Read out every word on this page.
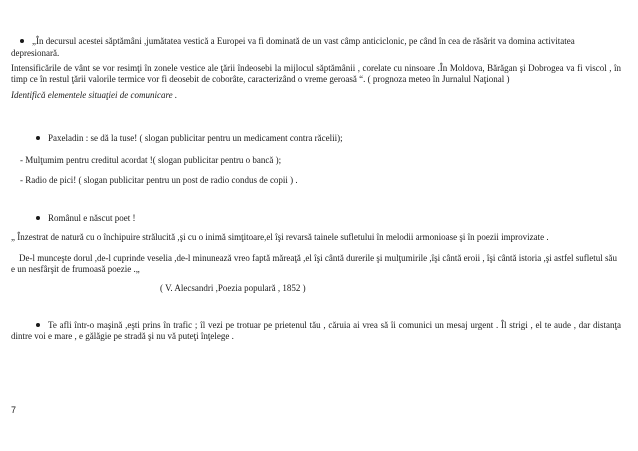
„În decursul acestei săptămâni ,jumătatea vestică a Europei va fi dominată de un vast câmp anticiclonic, pe când în cea de răsărit va domina activitatea

depresionară.

Intensificările de vânt se vor resimţi în zonele vestice ale ţării îndeosebi la mijlocul săptămânii , corelate cu ninsoare .În Moldova, Bărăgan şi Dobrogea va fi viscol , în timp ce în restul ţării valorile termice vor fi deosebit de coborâte, caracterizând o vreme geroasă “. ( prognoza meteo în Jurnalul Naţional )

Identifică elementele situaţiei de comunicare .

Paxeladin : se dă la tuse! ( slogan publicitar pentru un medicament contra răcelii);

- Mulţumim pentru creditul acordat !( slogan publicitar pentru o bancă );

- Radio de pici! ( slogan publicitar pentru un post de radio condus de copii ) .

Românul e născut poet !

„ Înzestrat de natură cu o închipuire strălucită ,şi cu o inimă simţitoare,el îşi revarsă tainele sufletului în melodii armonioase şi în poezii improvizate .

De-l munceşte dorul ,de-l cuprinde veselia ,de-l minunează vreo faptă măreaţă ,el îşi cântă durerile şi mulţumirile ,îşi cântă eroii , îşi cântă istoria ,şi astfel sufletul său e un nesfârşit de frumoasă poezie .„

( V. Alecsandri ,Poezia populară , 1852 )

Te afli într-o maşină ,eşti prins în trafic ; îl vezi pe trotuar pe prietenul tău , căruia ai vrea să îi comunici un mesaj urgent . Îl strigi , el te aude , dar distanţa dintre voi e mare , e gălăgie pe stradă şi nu vă puteţi înţelege .

7
